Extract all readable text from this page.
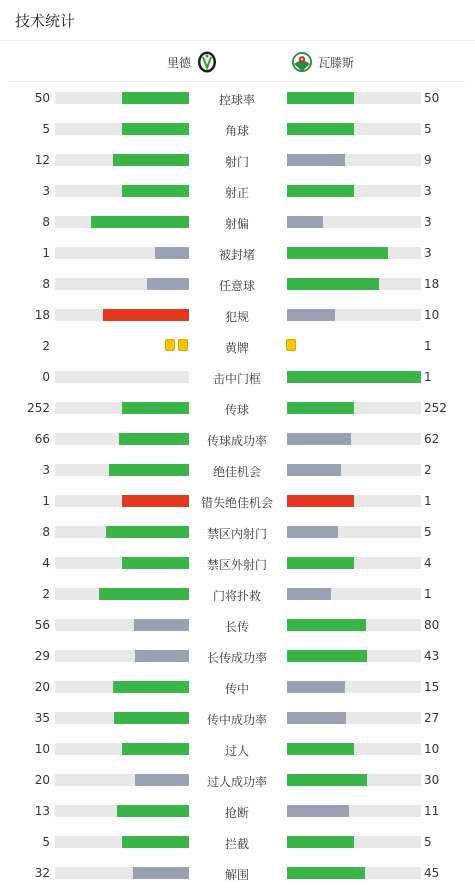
技术统计
里德	瓦滕斯
50	控球率	50
5	角球	5
12	射门	9
3	射正	3
8	射偏	3
1	被封堵	3
8	任意球	18
18	犯规	10
2	黄牌	1
0	击中门框	1
252	传球	252
66	传球成功率	62
3	绝佳机会	2
1	错失绝佳机会	1
8	禁区内射门	5
4	禁区外射门	4
2	门将扑救	1
56	长传	80
29	长传成功率	43
20	传中	15
35	传中成功率	27
10	过人	10
20	过人成功率	30
13	抢断	11
5	拦截	5
32	解围	45
